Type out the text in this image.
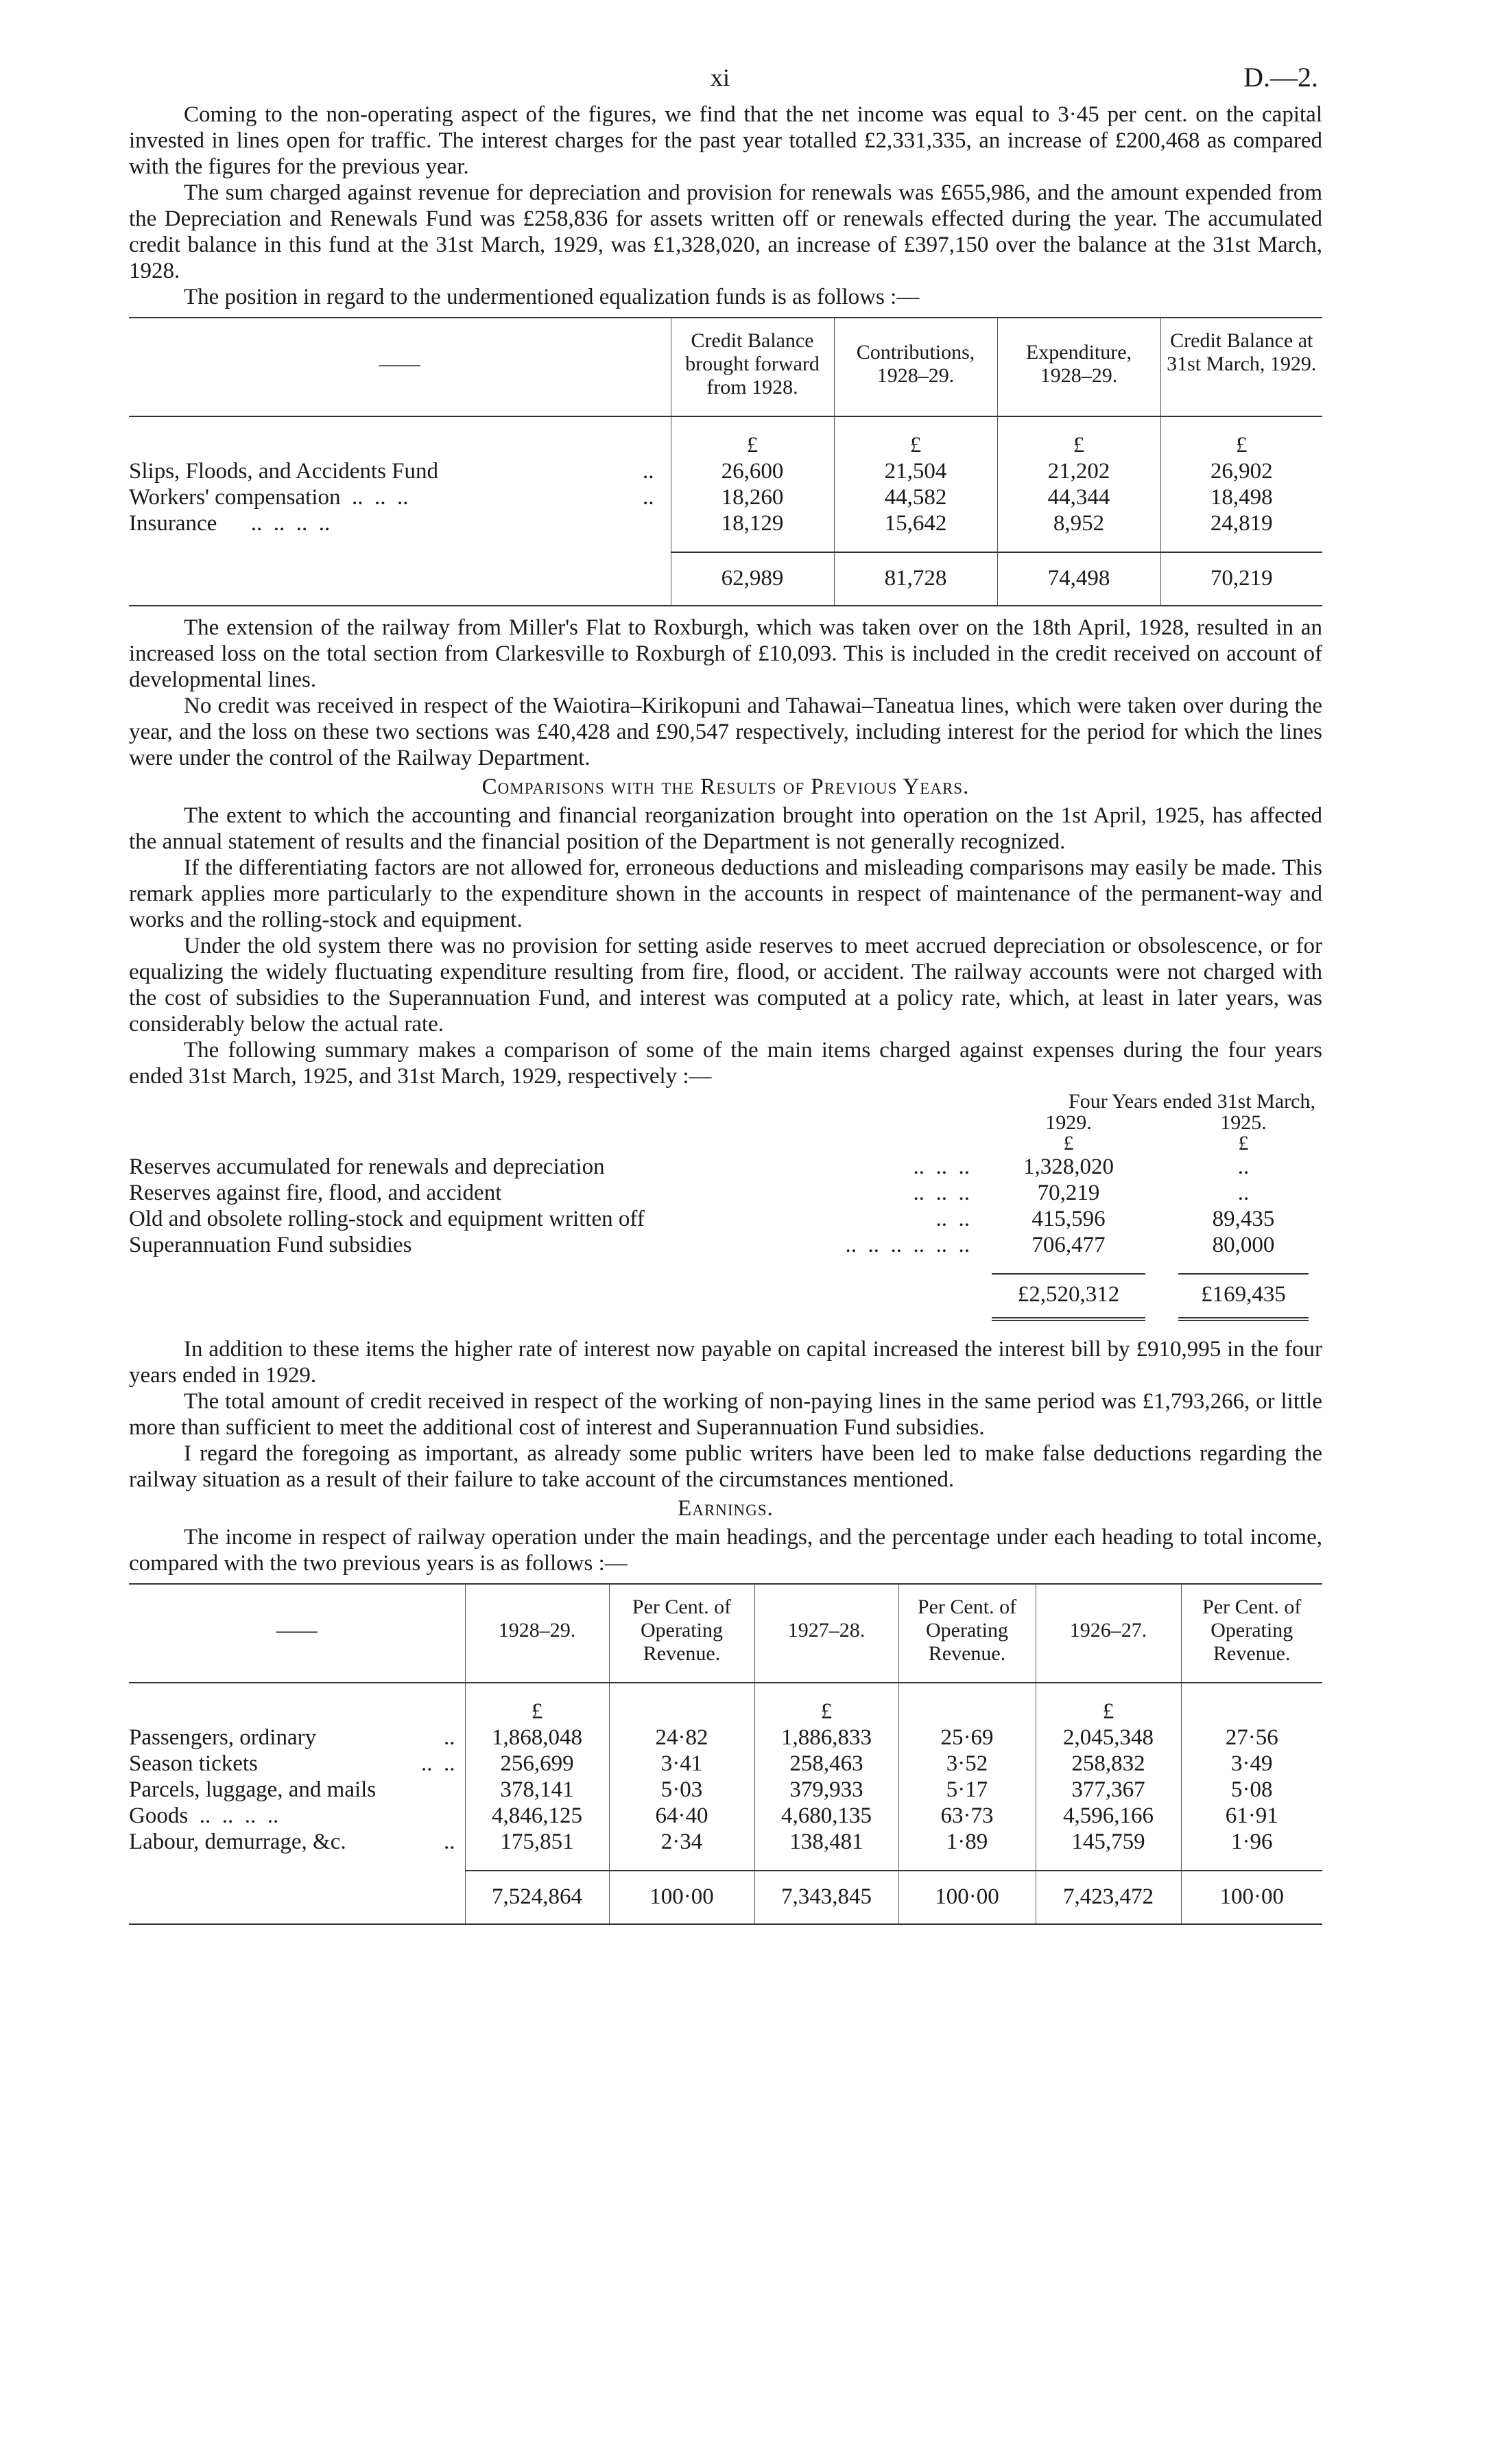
xi	D.—2.

Coming to the non-operating aspect of the figures, we find that the net income was equal to 3·45 per cent. on the capital invested in lines open for traffic. The interest charges for the past year totalled £2,331,335, an increase of £200,468 as compared with the figures for the previous year.

The sum charged against revenue for depreciation and provision for renewals was £655,986, and the amount expended from the Depreciation and Renewals Fund was £258,836 for assets written off or renewals effected during the year. The accumulated credit balance in this fund at the 31st March, 1929, was £1,328,020, an increase of £397,150 over the balance at the 31st March, 1928.

The position in regard to the undermentioned equalization funds is as follows :—

——	Credit Balance brought forward from 1928.	Contributions, 1928–29.	Expenditure, 1928–29.	Credit Balance at 31st March, 1929.
	£	£	£	£
Slips, Floods, and Accidents Fund ..	26,600	21,504	21,202	26,902
Workers' compensation ..  ..  .. ..	18,260	44,582	44,344	18,498
Insurance ..  ..  ..  ..	18,129	15,642	8,952	24,819
	62,989	81,728	74,498	70,219

The extension of the railway from Miller's Flat to Roxburgh, which was taken over on the 18th April, 1928, resulted in an increased loss on the total section from Clarkesville to Roxburgh of £10,093. This is included in the credit received on account of developmental lines.

No credit was received in respect of the Waiotira–Kirikopuni and Tahawai–Taneatua lines, which were taken over during the year, and the loss on these two sections was £40,428 and £90,547 respectively, including interest for the period for which the lines were under the control of the Railway Department.

Comparisons with the Results of Previous Years.

The extent to which the accounting and financial reorganization brought into operation on the 1st April, 1925, has affected the annual statement of results and the financial position of the Department is not generally recognized.

If the differentiating factors are not allowed for, erroneous deductions and misleading comparisons may easily be made. This remark applies more particularly to the expenditure shown in the accounts in respect of maintenance of the permanent-way and works and the rolling-stock and equipment.

Under the old system there was no provision for setting aside reserves to meet accrued depreciation or obsolescence, or for equalizing the widely fluctuating expenditure resulting from fire, flood, or accident. The railway accounts were not charged with the cost of subsidies to the Superannuation Fund, and interest was computed at a policy rate, which, at least in later years, was considerably below the actual rate.

The following summary makes a comparison of some of the main items charged against expenses during the four years ended 31st March, 1925, and 31st March, 1929, respectively :—

	Four Years ended 31st March,	
	1929.	1925.
	£	£
Reserves accumulated for renewals and depreciation ..  ..  ..	1,328,020	..
Reserves against fire, flood, and accident ..  ..  ..	70,219	..
Old and obsolete rolling-stock and equipment written off ..  ..	415,596	89,435
Superannuation Fund subsidies ..  ..  ..  ..  ..  ..	706,477	80,000

	£2,520,312	£169,435

In addition to these items the higher rate of interest now payable on capital increased the interest bill by £910,995 in the four years ended in 1929.

The total amount of credit received in respect of the working of non-paying lines in the same period was £1,793,266, or little more than sufficient to meet the additional cost of interest and Superannuation Fund subsidies.

I regard the foregoing as important, as already some public writers have been led to make false deductions regarding the railway situation as a result of their failure to take account of the circumstances mentioned.

Earnings.

The income in respect of railway operation under the main headings, and the percentage under each heading to total income, compared with the two previous years is as follows :—

——	1928–29.	Per Cent. of Operating Revenue.	1927–28.	Per Cent. of Operating Revenue.	1926–27.	Per Cent. of Operating Revenue.
	£		£		£	
Passengers, ordinary ..	1,868,048	24·82	1,886,833	25·69	2,045,348	27·56
Season tickets ..  ..	256,699	3·41	258,463	3·52	258,832	3·49
Parcels, luggage, and mails	378,141	5·03	379,933	5·17	377,367	5·08
Goods ..  ..  ..  ..	4,846,125	64·40	4,680,135	63·73	4,596,166	61·91
Labour, demurrage, &c. ..	175,851	2·34	138,481	1·89	145,759	1·96
	7,524,864	100·00	7,343,845	100·00	7,423,472	100·00
